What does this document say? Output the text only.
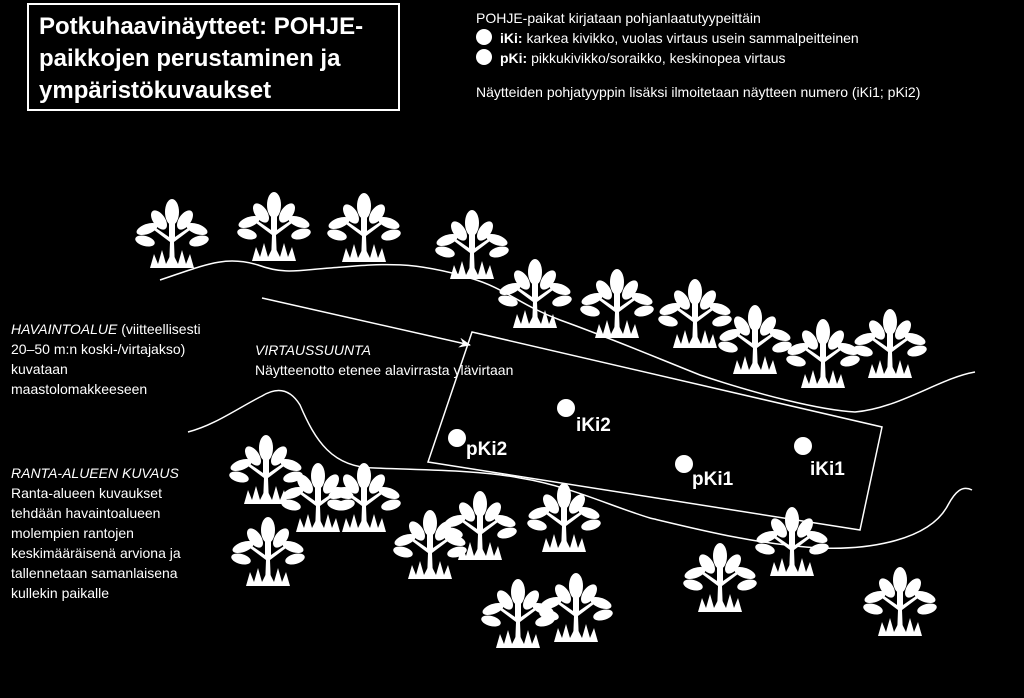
Potkuhaavinäytteet: POHJE-
paikkojen perustaminen ja
ympäristökuvaukset
POHJE-paikat kirjataan pohjanlaatutyypeittäin
iKi: karkea kivikko, vuolas virtaus usein sammalpeitteinen
pKi: pikkukivikko/soraikko, keskinopea virtaus
Näytteiden pohjatyyppin lisäksi ilmoitetaan näytteen numero (iKi1; pKi2)
HAVAINTOALUE (viitteellisesti
20–50 m:n koski-/virtajakso)
kuvataan
maastolomakkeeseen
VIRTAUSSUUNTA
Näytteenotto etenee alavirrasta ylävirtaan
RANTA-ALUEEN KUVAUS
Ranta-alueen kuvaukset
tehdään havaintoalueen
molempien rantojen
keskimääräisenä arviona ja
tallennetaan samanlaisena
kullekin paikalle
pKi2
iKi2
pKi1	iKi1
